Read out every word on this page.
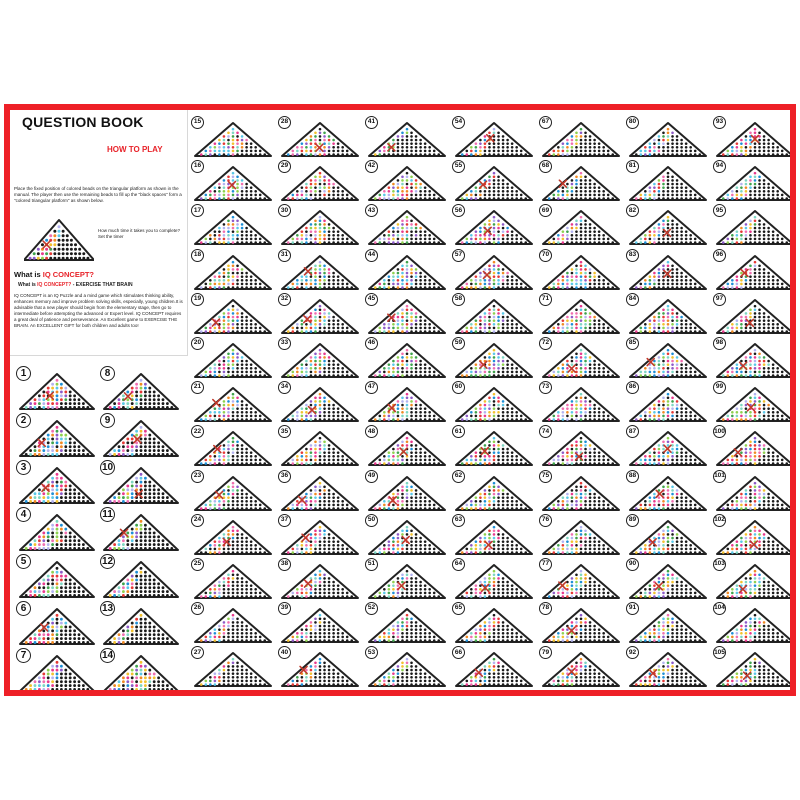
QUESTION BOOK
HOW TO PLAY

Place the fixed position of colored beads on the triangular platform as shown in the manual. The player then use the remaining beads to fill up the "black spaces" form a "colored triangular platform" as shown below.

How much time it takes you to complete? Set the timer

What is IQ CONCEPT?
What is IQ CONCEPT? - EXERCISE THAT BRAIN

IQ CONCEPT is an IQ Puzzle and a mind game which stimulates thinking ability, enhances memory and improve problem solving skills, especially, young children.It is advisable that a new player should begin from the elementary stage, then go to intermediate before attempting the advanced or Expert level. IQ CONCEPT requires a great deal of patience and perseverance. An Excellent game to EXERCISE THE BRAIN. An EXCELLENT GIFT for both children and adults too!

1
2
3
4
5
6
7
8
9
10
11
12
13
14
15
16
17
18
19
20
21
22
23
24
25
26
27
28
29
30
31
32
33
34
35
36
37
38
39
40
41
42
43
44
45
46
47
48
49
50
51
52
53
54
55
56
57
58
59
60
61
62
63
64
65
66
67
68
69
70
71
72
73
74
75
76
77
78
79
80
81
82
83
84
85
86
87
88
89
90
91
92
93
94
95
96
97
98
99
100
101
102
103
104
105
